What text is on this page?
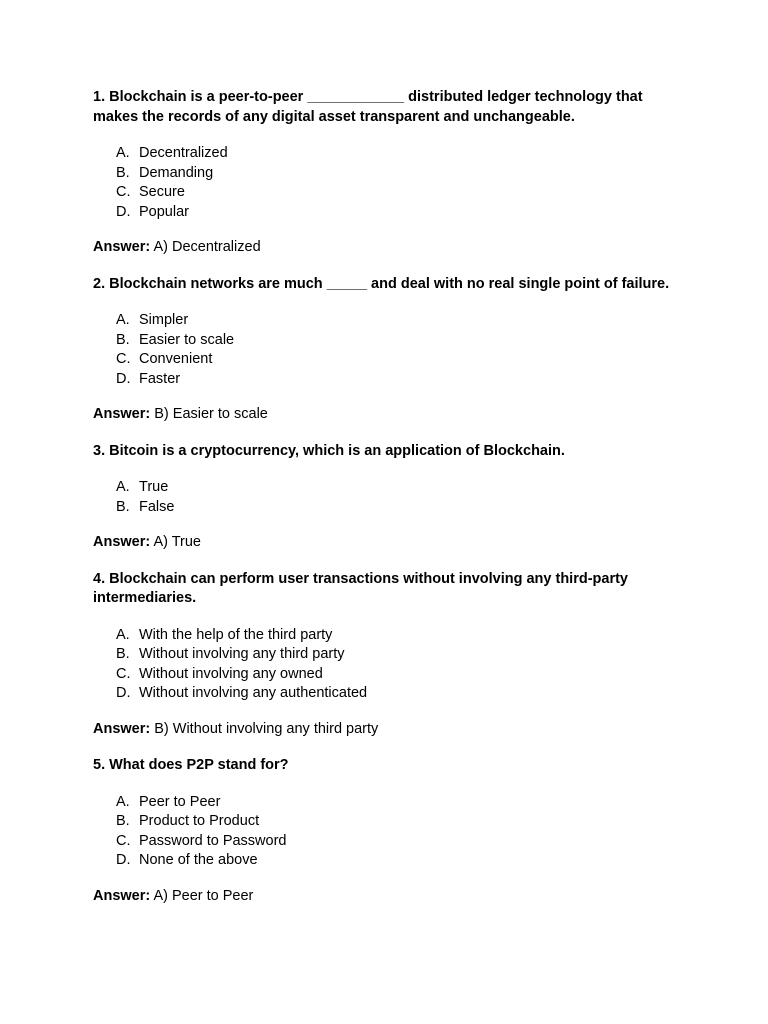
1. Blockchain is a peer-to-peer ____________ distributed ledger technology that makes the records of any digital asset transparent and unchangeable.

A. Decentralized
B. Demanding
C. Secure
D. Popular

Answer: A) Decentralized

2. Blockchain networks are much _____ and deal with no real single point of failure.

A. Simpler
B. Easier to scale
C. Convenient
D. Faster

Answer: B) Easier to scale

3. Bitcoin is a cryptocurrency, which is an application of Blockchain.

A. True
B. False

Answer: A) True

4. Blockchain can perform user transactions without involving any third-party intermediaries.

A. With the help of the third party
B. Without involving any third party
C. Without involving any owned
D. Without involving any authenticated

Answer: B) Without involving any third party

5. What does P2P stand for?

A. Peer to Peer
B. Product to Product
C. Password to Password
D. None of the above

Answer: A) Peer to Peer
